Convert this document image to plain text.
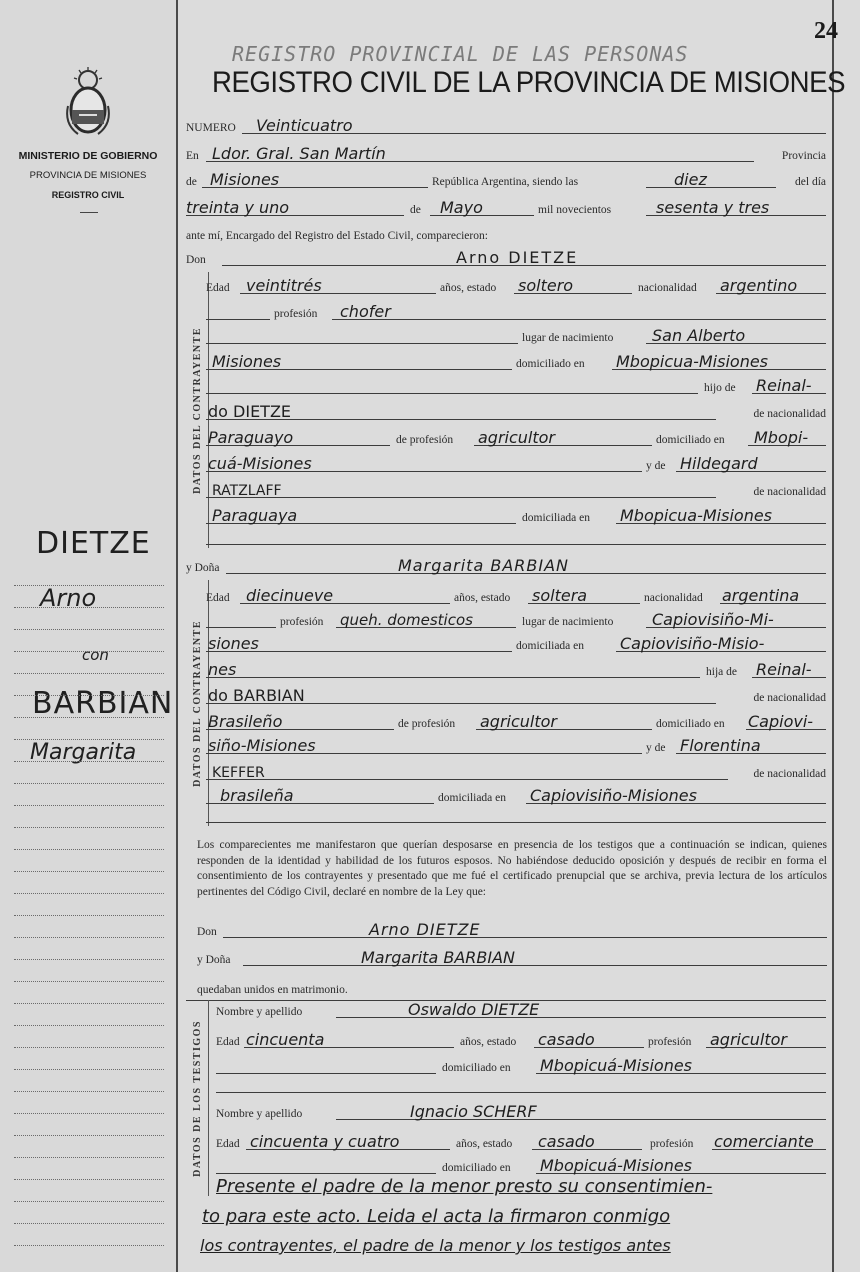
MINISTERIO DE GOBIERNO
PROVINCIA DE MISIONES
REGISTRO CIVIL
DIETZE
Arno
con
BARBIAN
Margarita
24
REGISTRO PROVINCIAL DE LAS PERSONAS
REGISTRO CIVIL DE LA PROVINCIA DE MISIONES
NUMERO Veinticuatro
En Ldor. Gral. San Martín	Provincia
de Misiones	República Argentina, siendo las	diez	del día
treinta y uno	de Mayo	mil novecientos	sesenta y tres
ante mí, Encargado del Registro del Estado Civil, comparecieron:
Don	Arno DIETZE
DATOS DEL CONTRAYENTE
Edad veintitrés	años, estado soltero	nacionalidad argentino
profesión chofer
lugar de nacimiento San Alberto
Misiones	domiciliado en Mbopicua-Misiones
hijo de Reinal-
do DIETZE	de nacionalidad
Paraguayo	de profesión agricultor	domiciliado en Mbopi-
cuá-Misiones	y de Hildegard
RATZLAFF	de nacionalidad
Paraguaya	domiciliada en Mbopicua-Misiones
y Doña	Margarita BARBIAN
DATOS DEL CONTRAYENTE
Edad diecinueve	años, estado soltera	nacionalidad argentina
profesión queh. domesticos	lugar de nacimiento Capiovisiño-Mi-
siones	domiciliada en Capiovisiño-Misio-
nes	hija de Reinal-
do BARBIAN	de nacionalidad
Brasileño	de profesión agricultor	domiciliado en Capiovi-
siño-Misiones	y de Florentina
KEFFER	de nacionalidad
brasileña	domiciliada en Capiovisiño-Misiones
Los comparecientes me manifestaron que querían desposarse en presencia de los testigos que a continuación se indican, quienes responden de la identidad y habilidad de los futuros esposos. No habiéndose deducido oposición y después de recibir en forma el consentimiento de los contrayentes y presentado que me fué el certificado prenupcial que se archiva, previa lectura de los artículos pertinentes del Código Civil, declaré en nombre de la Ley que:
Don	Arno DIETZE
y Doña	Margarita BARBIAN
quedaban unidos en matrimonio.
DATOS DE LOS TESTIGOS
Nombre y apellido	Oswaldo DIETZE
Edad cincuenta	años, estado casado	profesión agricultor
domiciliado en Mbopicuá-Misiones
Nombre y apellido	Ignacio SCHERF
Edad cincuenta y cuatro	años, estado casado	profesión comerciante
domiciliado en Mbopicuá-Misiones
Presente el padre de la menor presto su consentimien-
to para este acto. Leida el acta la firmaron conmigo
los contrayentes, el padre de la menor y los testigos antes
